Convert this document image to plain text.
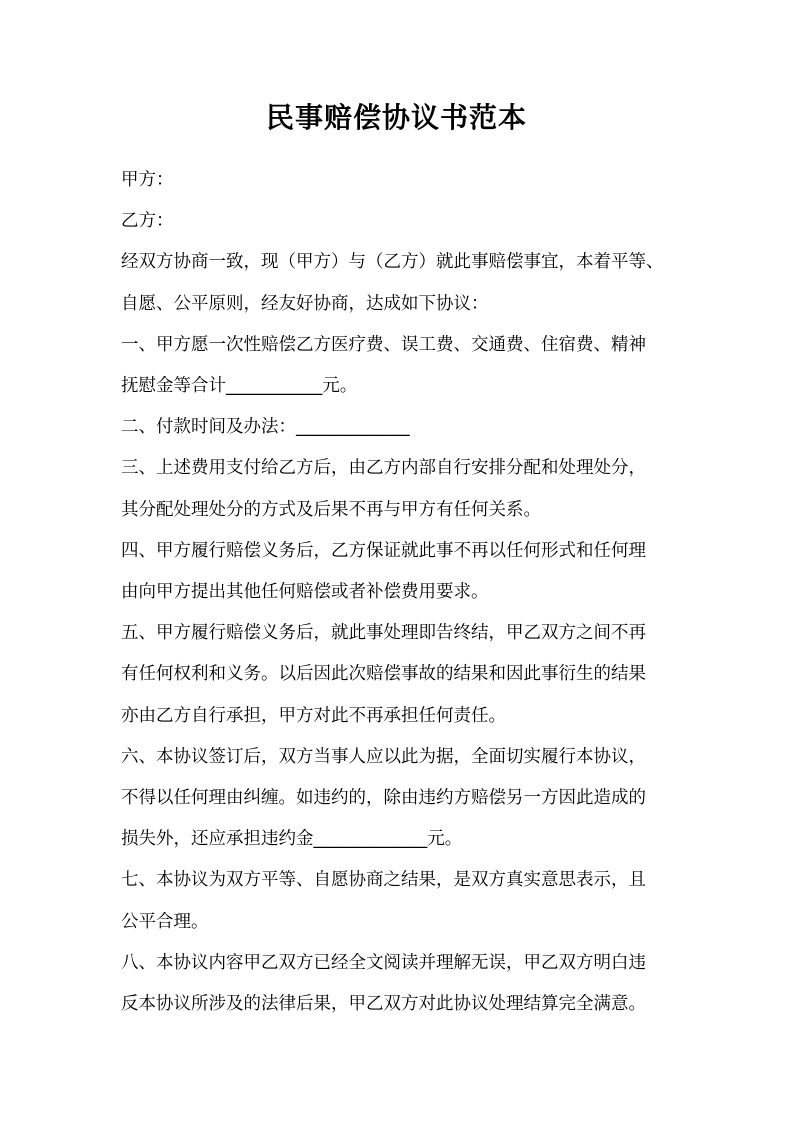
民事赔偿协议书范本
甲方：
乙方：
经双方协商一致，现（甲方）与（乙方）就此事赔偿事宜，本着平等、
自愿、公平原则，经友好协商，达成如下协议：
一、甲方愿一次性赔偿乙方医疗费、误工费、交通费、住宿费、精神
抚慰金等合计___________元。
二、付款时间及办法：_____________
三、上述费用支付给乙方后，由乙方内部自行安排分配和处理处分，
其分配处理处分的方式及后果不再与甲方有任何关系。
四、甲方履行赔偿义务后，乙方保证就此事不再以任何形式和任何理
由向甲方提出其他任何赔偿或者补偿费用要求。
五、甲方履行赔偿义务后，就此事处理即告终结，甲乙双方之间不再
有任何权利和义务。以后因此次赔偿事故的结果和因此事衍生的结果
亦由乙方自行承担，甲方对此不再承担任何责任。
六、本协议签订后，双方当事人应以此为据，全面切实履行本协议，
不得以任何理由纠缠。如违约的，除由违约方赔偿另一方因此造成的
损失外，还应承担违约金_____________元。
七、本协议为双方平等、自愿协商之结果，是双方真实意思表示，且
公平合理。
八、本协议内容甲乙双方已经全文阅读并理解无误，甲乙双方明白违
反本协议所涉及的法律后果，甲乙双方对此协议处理结算完全满意。
